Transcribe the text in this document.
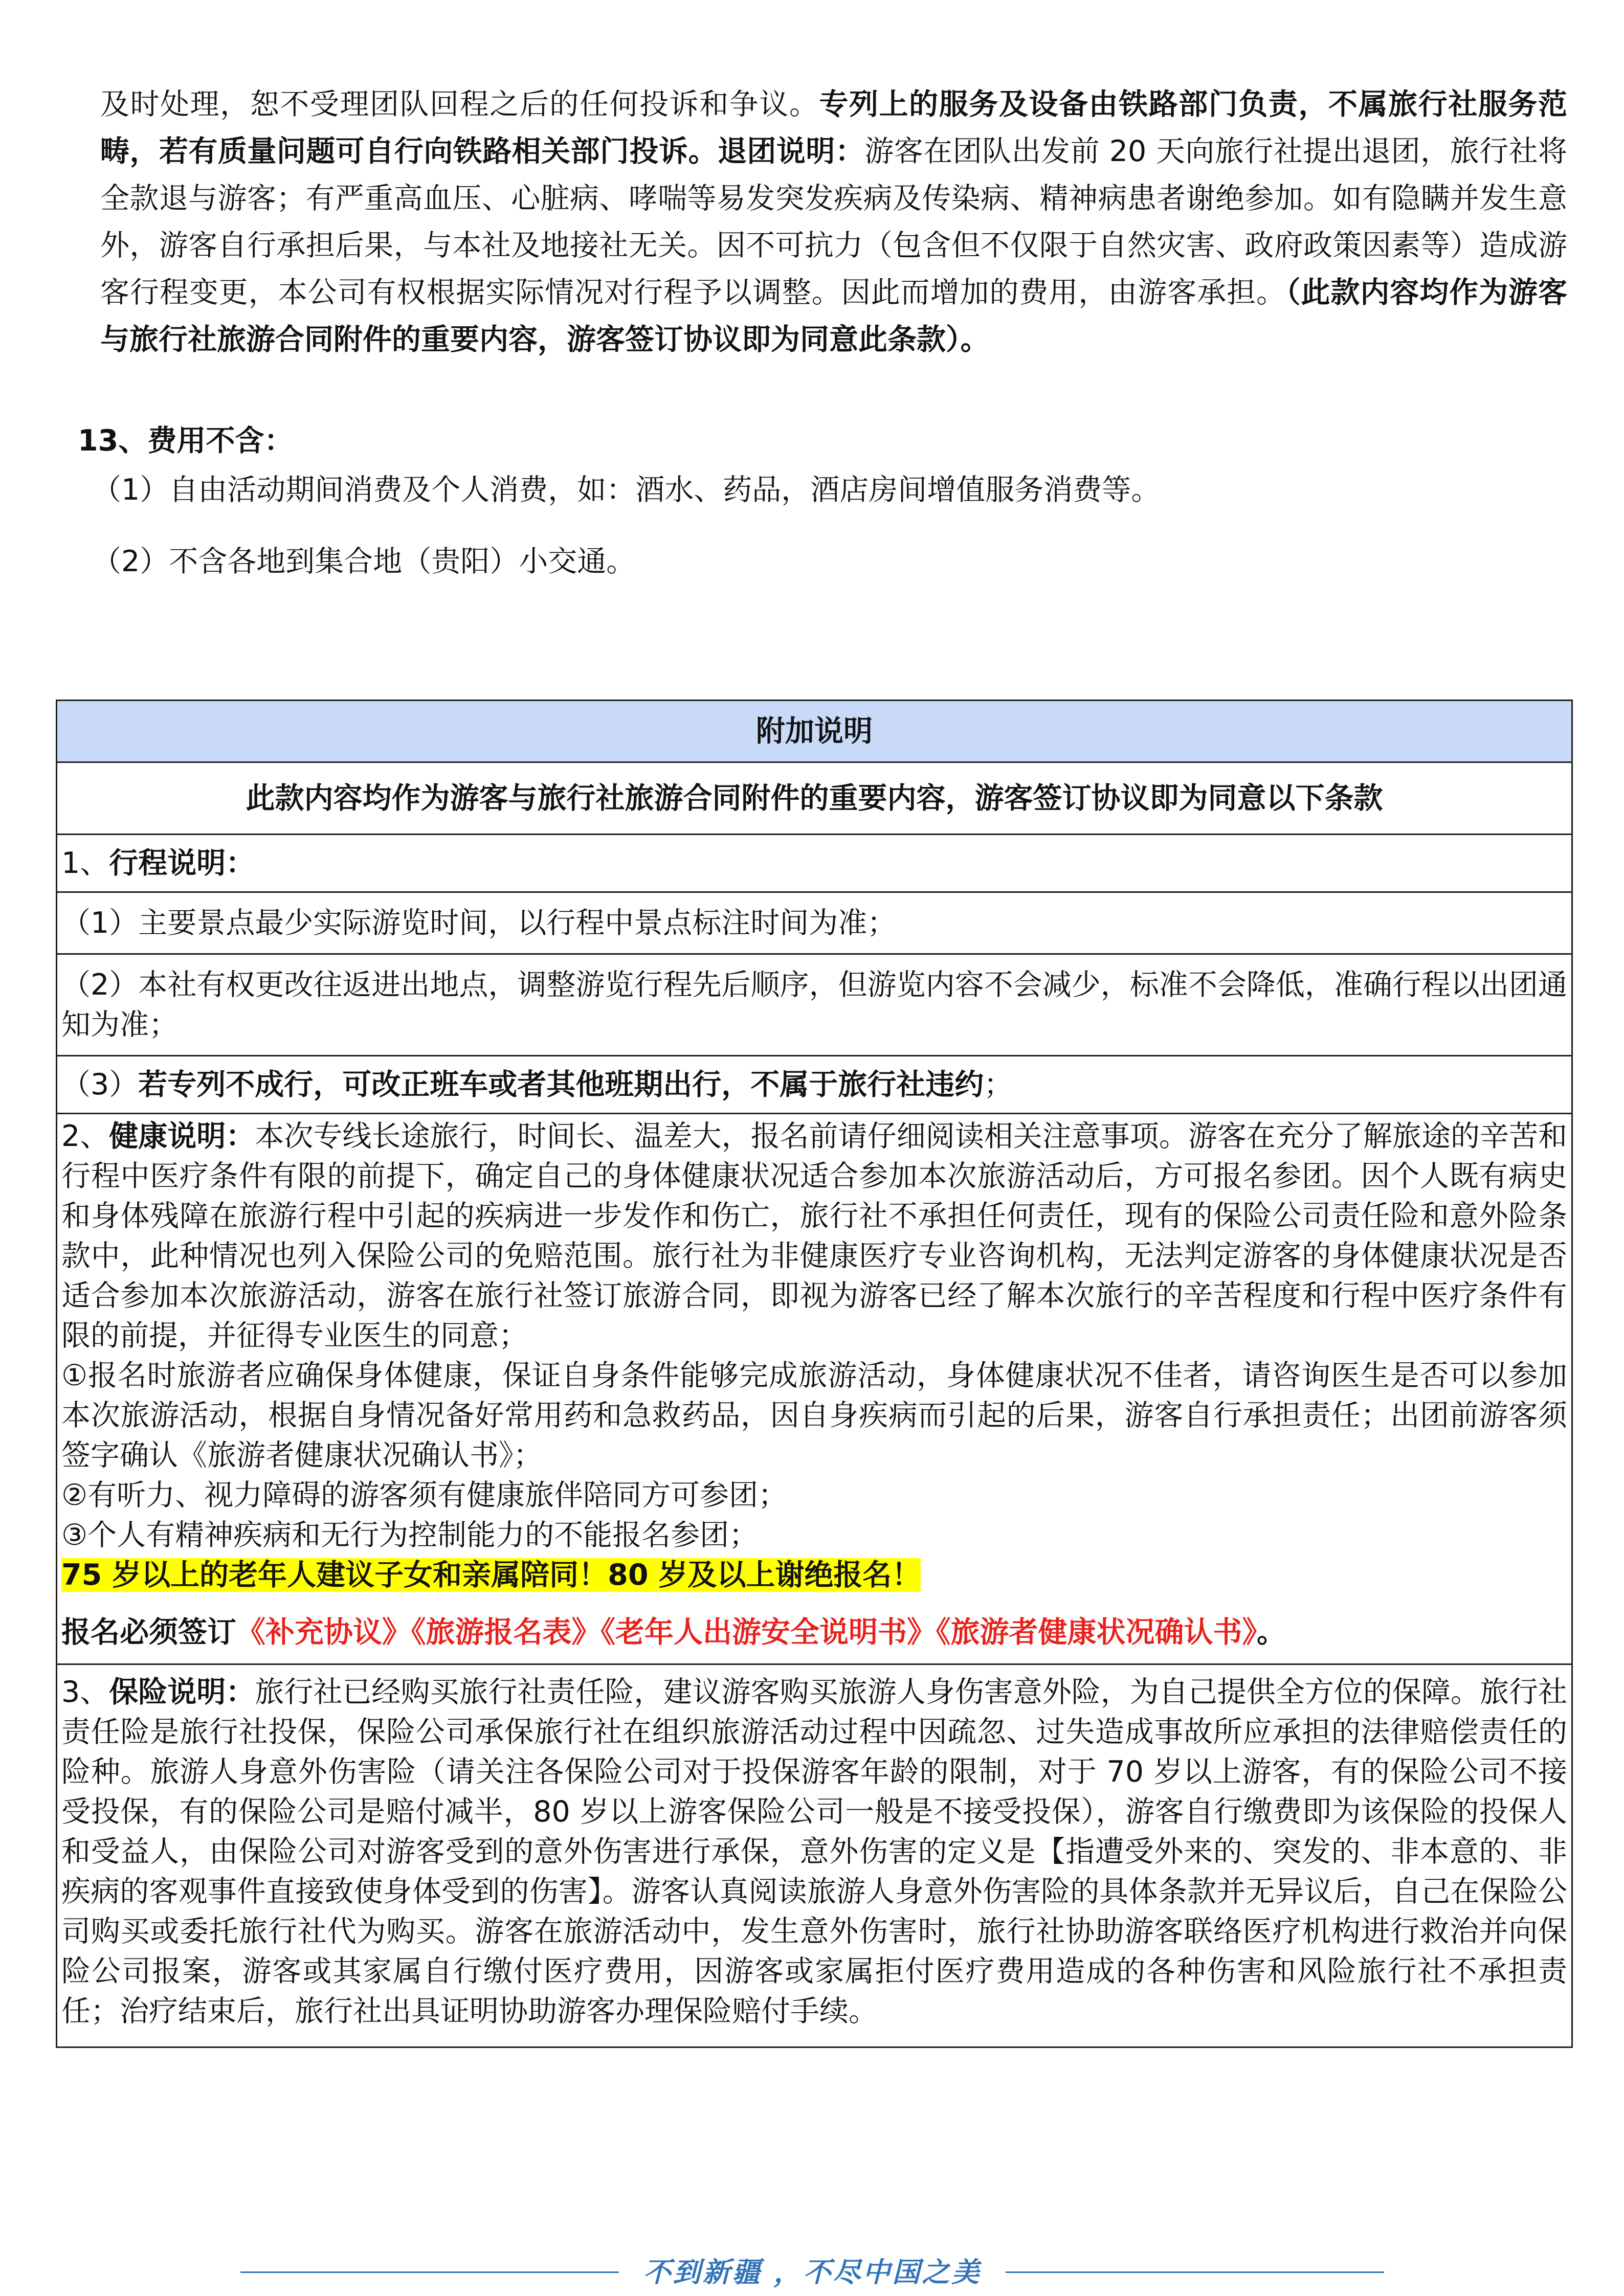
及时处理，恕不受理团队回程之后的任何投诉和争议。专列上的服务及设备由铁路部门负责，不属旅行社服务范畴，若有质量问题可自行向铁路相关部门投诉。退团说明：游客在团队出发前 20 天向旅行社提出退团，旅行社将全款退与游客；有严重高血压、心脏病、哮喘等易发突发疾病及传染病、精神病患者谢绝参加。如有隐瞒并发生意外，游客自行承担后果，与本社及地接社无关。因不可抗力（包含但不仅限于自然灾害、政府政策因素等）造成游客行程变更，本公司有权根据实际情况对行程予以调整。因此而增加的费用，由游客承担。（此款内容均作为游客与旅行社旅游合同附件的重要内容，游客签订协议即为同意此条款）。
13、费用不含：
（1）自由活动期间消费及个人消费，如：酒水、药品，酒店房间增值服务消费等。
（2）不含各地到集合地（贵阳）小交通。
附加说明
此款内容均作为游客与旅行社旅游合同附件的重要内容，游客签订协议即为同意以下条款
1、行程说明：
（1）主要景点最少实际游览时间，以行程中景点标注时间为准；
（2）本社有权更改往返进出地点，调整游览行程先后顺序，但游览内容不会减少，标准不会降低，准确行程以出团通知为准；
（3）若专列不成行，可改正班车或者其他班期出行，不属于旅行社违约；

2、健康说明：本次专线长途旅行，时间长、温差大，报名前请仔细阅读相关注意事项。游客在充分了解旅途的辛苦和行程中医疗条件有限的前提下，确定自己的身体健康状况适合参加本次旅游活动后，方可报名参团。因个人既有病史和身体残障在旅游行程中引起的疾病进一步发作和伤亡，旅行社不承担任何责任，现有的保险公司责任险和意外险条款中，此种情况也列入保险公司的免赔范围。旅行社为非健康医疗专业咨询机构，无法判定游客的身体健康状况是否适合参加本次旅游活动，游客在旅行社签订旅游合同，即视为游客已经了解本次旅行的辛苦程度和行程中医疗条件有限的前提，并征得专业医生的同意；
①报名时旅游者应确保身体健康，保证自身条件能够完成旅游活动，身体健康状况不佳者，请咨询医生是否可以参加本次旅游活动，根据自身情况备好常用药和急救药品，因自身疾病而引起的后果，游客自行承担责任；出团前游客须签字确认《旅游者健康状况确认书》；
②有听力、视力障碍的游客须有健康旅伴陪同方可参团；
③个人有精神疾病和无行为控制能力的不能报名参团；
75 岁以上的老年人建议子女和亲属陪同！80 岁及以上谢绝报名！
报名必须签订《补充协议》《旅游报名表》《老年人出游安全说明书》《旅游者健康状况确认书》。

3、保险说明：旅行社已经购买旅行社责任险，建议游客购买旅游人身伤害意外险，为自己提供全方位的保障。旅行社责任险是旅行社投保，保险公司承保旅行社在组织旅游活动过程中因疏忽、过失造成事故所应承担的法律赔偿责任的险种。旅游人身意外伤害险（请关注各保险公司对于投保游客年龄的限制，对于 70 岁以上游客，有的保险公司不接受投保，有的保险公司是赔付减半，80 岁以上游客保险公司一般是不接受投保），游客自行缴费即为该保险的投保人和受益人，由保险公司对游客受到的意外伤害进行承保，意外伤害的定义是【指遭受外来的、突发的、非本意的、非疾病的客观事件直接致使身体受到的伤害】。游客认真阅读旅游人身意外伤害险的具体条款并无异议后，自己在保险公司购买或委托旅行社代为购买。游客在旅游活动中，发生意外伤害时，旅行社协助游客联络医疗机构进行救治并向保险公司报案，游客或其家属自行缴付医疗费用，因游客或家属拒付医疗费用造成的各种伤害和风险旅行社不承担责任；治疗结束后，旅行社出具证明协助游客办理保险赔付手续。
不到新疆 ，不尽中国之美
